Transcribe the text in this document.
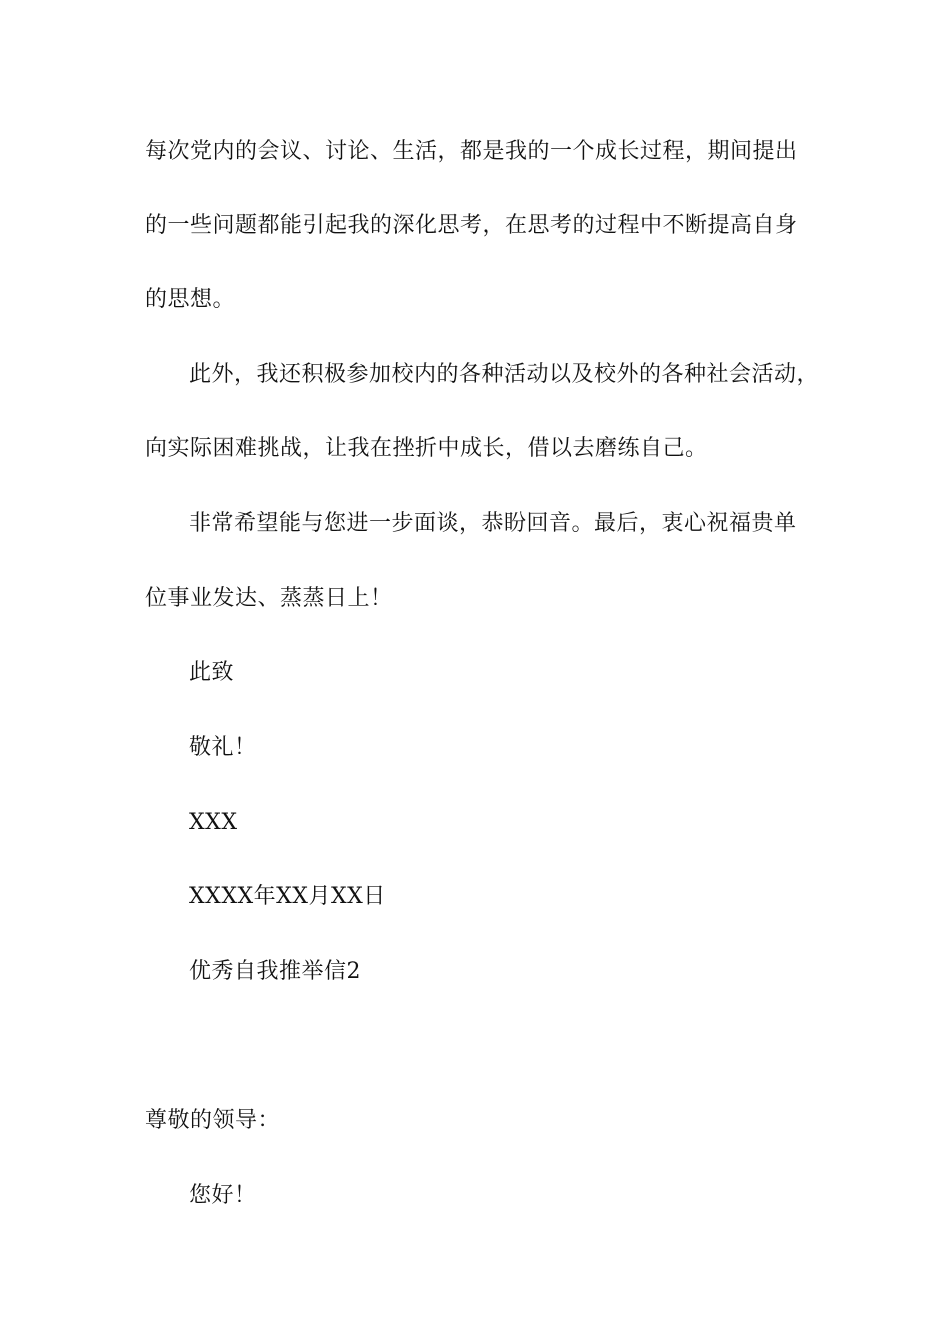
每次党内的会议、讨论、生活，都是我的一个成长过程，期间提出
的一些问题都能引起我的深化思考，在思考的过程中不断提高自身
的思想。
此外，我还积极参加校内的各种活动以及校外的各种社会活动，
向实际困难挑战，让我在挫折中成长，借以去磨练自己。
非常希望能与您进一步面谈，恭盼回音。最后，衷心祝福贵单
位事业发达、蒸蒸日上！
此致
敬礼！
XXX
XXXX年XX月XX日
优秀自我推举信2
尊敬的领导：
您好！
